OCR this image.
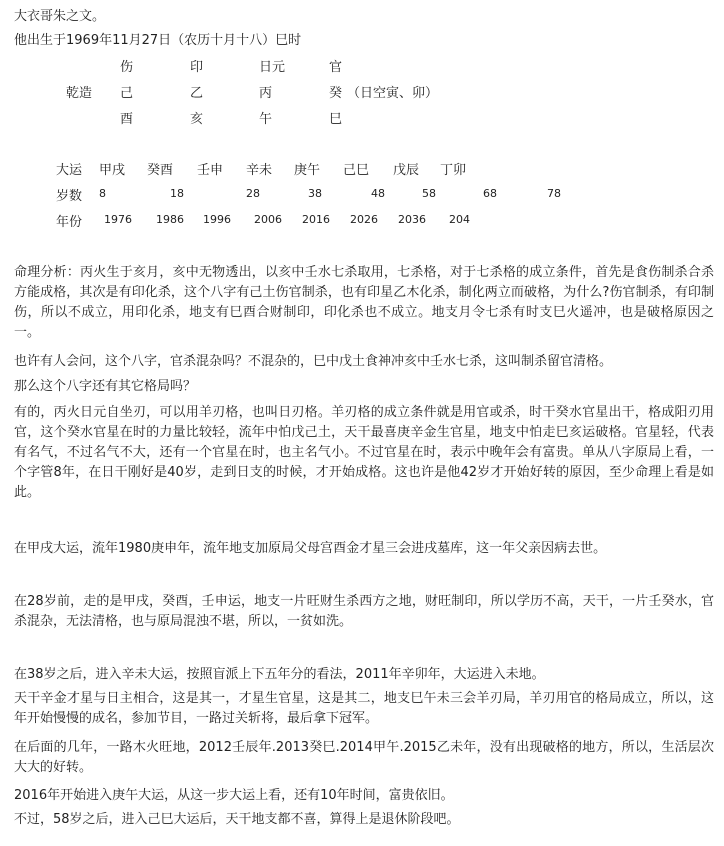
大衣哥朱之文。
他出生于1969年11月27日（农历十月十八）巳时
伤	印	日元	官
乾造 己	乙	丙	癸 （日空寅、卯）
酉	亥	午	巳
大运 甲戌 癸酉 壬申 辛未 庚午 己巳 戊辰 丁卯
岁数 8	18	28	38	48	58	68	78
年份 1976 1986 1996 2006 2016 2026 2036 204
命理分析：丙火生于亥月，亥中无物透出，以亥中壬水七杀取用，七杀格，对于七杀格的成立条件，首先是食伤制杀合杀方能成格，其次是有印化杀，这个八字有己土伤官制杀，也有印星乙木化杀，制化两立而破格，为什么?伤官制杀，有印制伤，所以不成立，用印化杀，地支有巳酉合财制印，印化杀也不成立。地支月令七杀有时支巳火遥冲，也是破格原因之一。
也许有人会问，这个八字，官杀混杂吗？不混杂的，巳中戊土食神冲亥中壬水七杀，这叫制杀留官清格。
那么这个八字还有其它格局吗？
有的，丙火日元自坐刃，可以用羊刃格，也叫日刃格。羊刃格的成立条件就是用官或杀，时干癸水官星出干，格成阳刃用官，这个癸水官星在时的力量比较轻，流年中怕戊己土，天干最喜庚辛金生官星，地支中怕走巳亥运破格。官星轻，代表有名气，不过名气不大，还有一个官星在时，也主名气小。不过官星在时，表示中晚年会有富贵。单从八字原局上看，一个字管8年，在日干刚好是40岁，走到日支的时候，才开始成格。这也许是他42岁才开始好转的原因，至少命理上看是如此。
在甲戌大运，流年1980庚申年，流年地支加原局父母宫酉金才星三会进戌墓库，这一年父亲因病去世。
在28岁前，走的是甲戌，癸酉，壬申运，地支一片旺财生杀西方之地，财旺制印，所以学历不高，天干，一片壬癸水，官杀混杂，无法清格，也与原局混浊不堪，所以，一贫如洗。
在38岁之后，进入辛未大运，按照盲派上下五年分的看法，2011年辛卯年，大运进入未地。
天干辛金才星与日主相合，这是其一，才星生官星，这是其二，地支巳午未三会羊刃局，羊刃用官的格局成立，所以，这年开始慢慢的成名，参加节目，一路过关斩将，最后拿下冠军。
在后面的几年，一路木火旺地，2012壬辰年.2013癸巳.2014甲午.2015乙未年，没有出现破格的地方，所以，生活层次大大的好转。
2016年开始进入庚午大运，从这一步大运上看，还有10年时间，富贵依旧。
不过，58岁之后，进入己巳大运后，天干地支都不喜，算得上是退休阶段吧。
